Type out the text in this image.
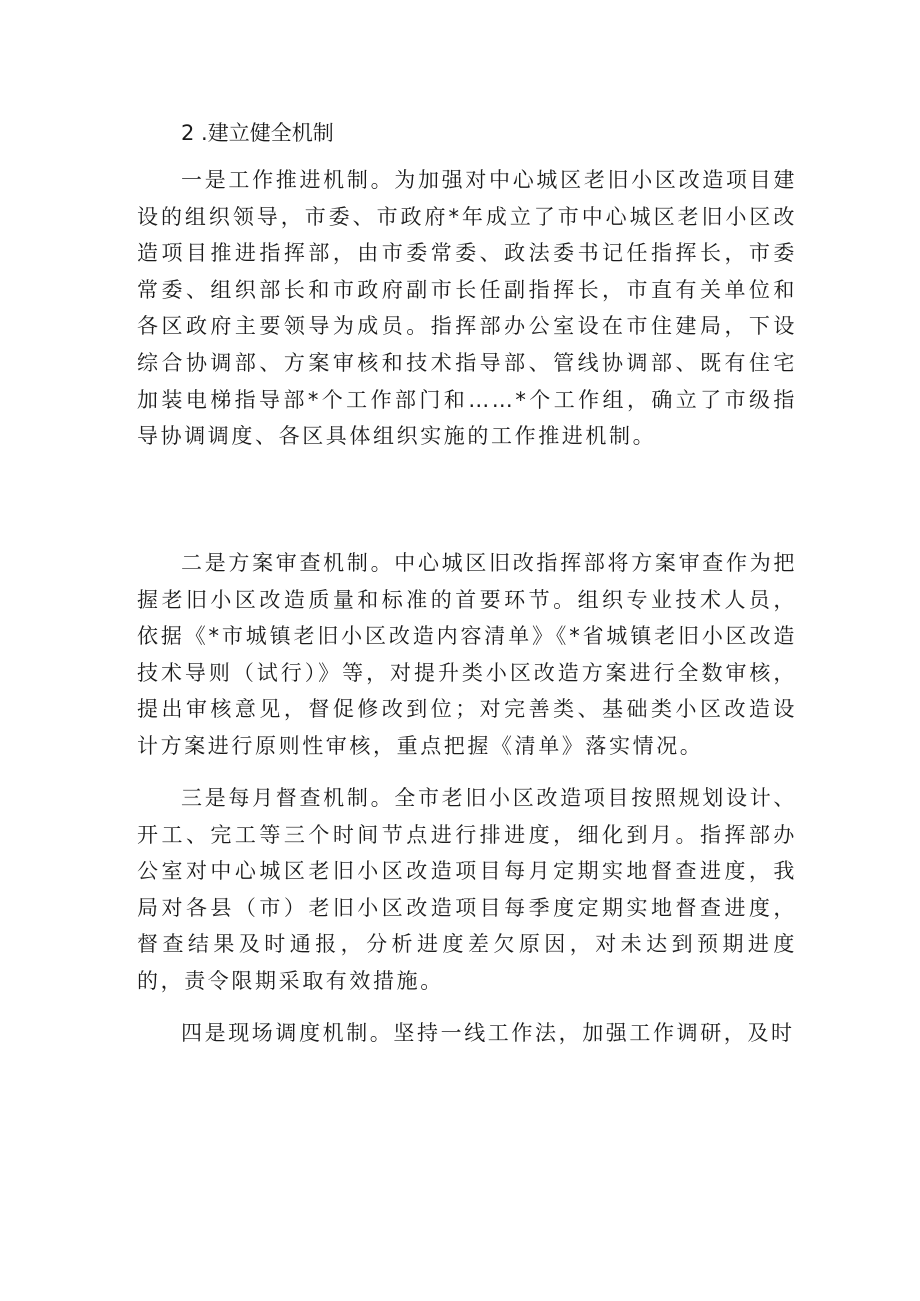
2 .建立健全机制

一是工作推进机制。为加强对中心城区老旧小区改造项目建设的组织领导，市委、市政府*年成立了市中心城区老旧小区改造项目推进指挥部，由市委常委、政法委书记任指挥长，市委常委、组织部长和市政府副市长任副指挥长，市直有关单位和各区政府主要领导为成员。指挥部办公室设在市住建局，下设综合协调部、方案审核和技术指导部、管线协调部、既有住宅加装电梯指导部*个工作部门和……*个工作组，确立了市级指导协调调度、各区具体组织实施的工作推进机制。

二是方案审查机制。中心城区旧改指挥部将方案审查作为把握老旧小区改造质量和标准的首要环节。组织专业技术人员，依据《*市城镇老旧小区改造内容清单》《*省城镇老旧小区改造技术导则（试行）》等，对提升类小区改造方案进行全数审核，提出审核意见，督促修改到位；对完善类、基础类小区改造设计方案进行原则性审核，重点把握《清单》落实情况。

三是每月督查机制。全市老旧小区改造项目按照规划设计、开工、完工等三个时间节点进行排进度，细化到月。指挥部办公室对中心城区老旧小区改造项目每月定期实地督查进度，我局对各县（市）老旧小区改造项目每季度定期实地督查进度，督查结果及时通报，分析进度差欠原因，对未达到预期进度的，责令限期采取有效措施。

四是现场调度机制。坚持一线工作法，加强工作调研，及时
